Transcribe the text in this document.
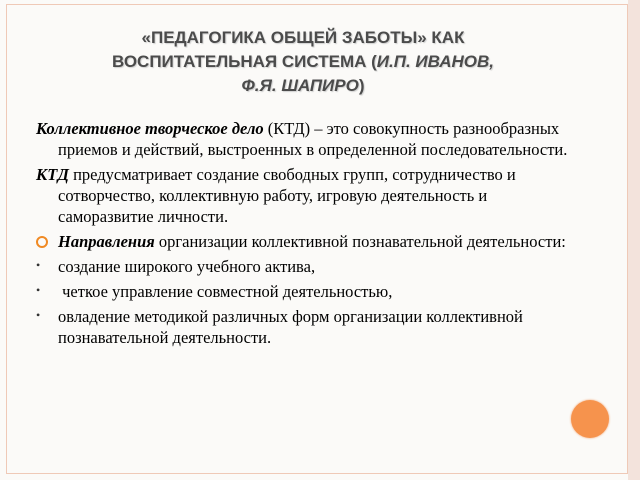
«ПЕДАГОГИКА ОБЩЕЙ ЗАБОТЫ» КАК
ВОСПИТАТЕЛЬНАЯ СИСТЕМА (И.П. ИВАНОВ,
Ф.Я. ШАПИРО)

Коллективное творческое дело (КТД) – это совокупность разнообразных приемов и действий, выстроенных в определенной последовательности.

КТД предусматривает создание свободных групп, сотрудничество и сотворчество, коллективную работу, игровую деятельность и саморазвитие личности.

Направления организации коллективной познавательной деятельности:
•	создание широкого учебного актива,
•	четкое управление совместной деятельностью,
•	овладение методикой различных форм организации коллективной познавательной деятельности.
